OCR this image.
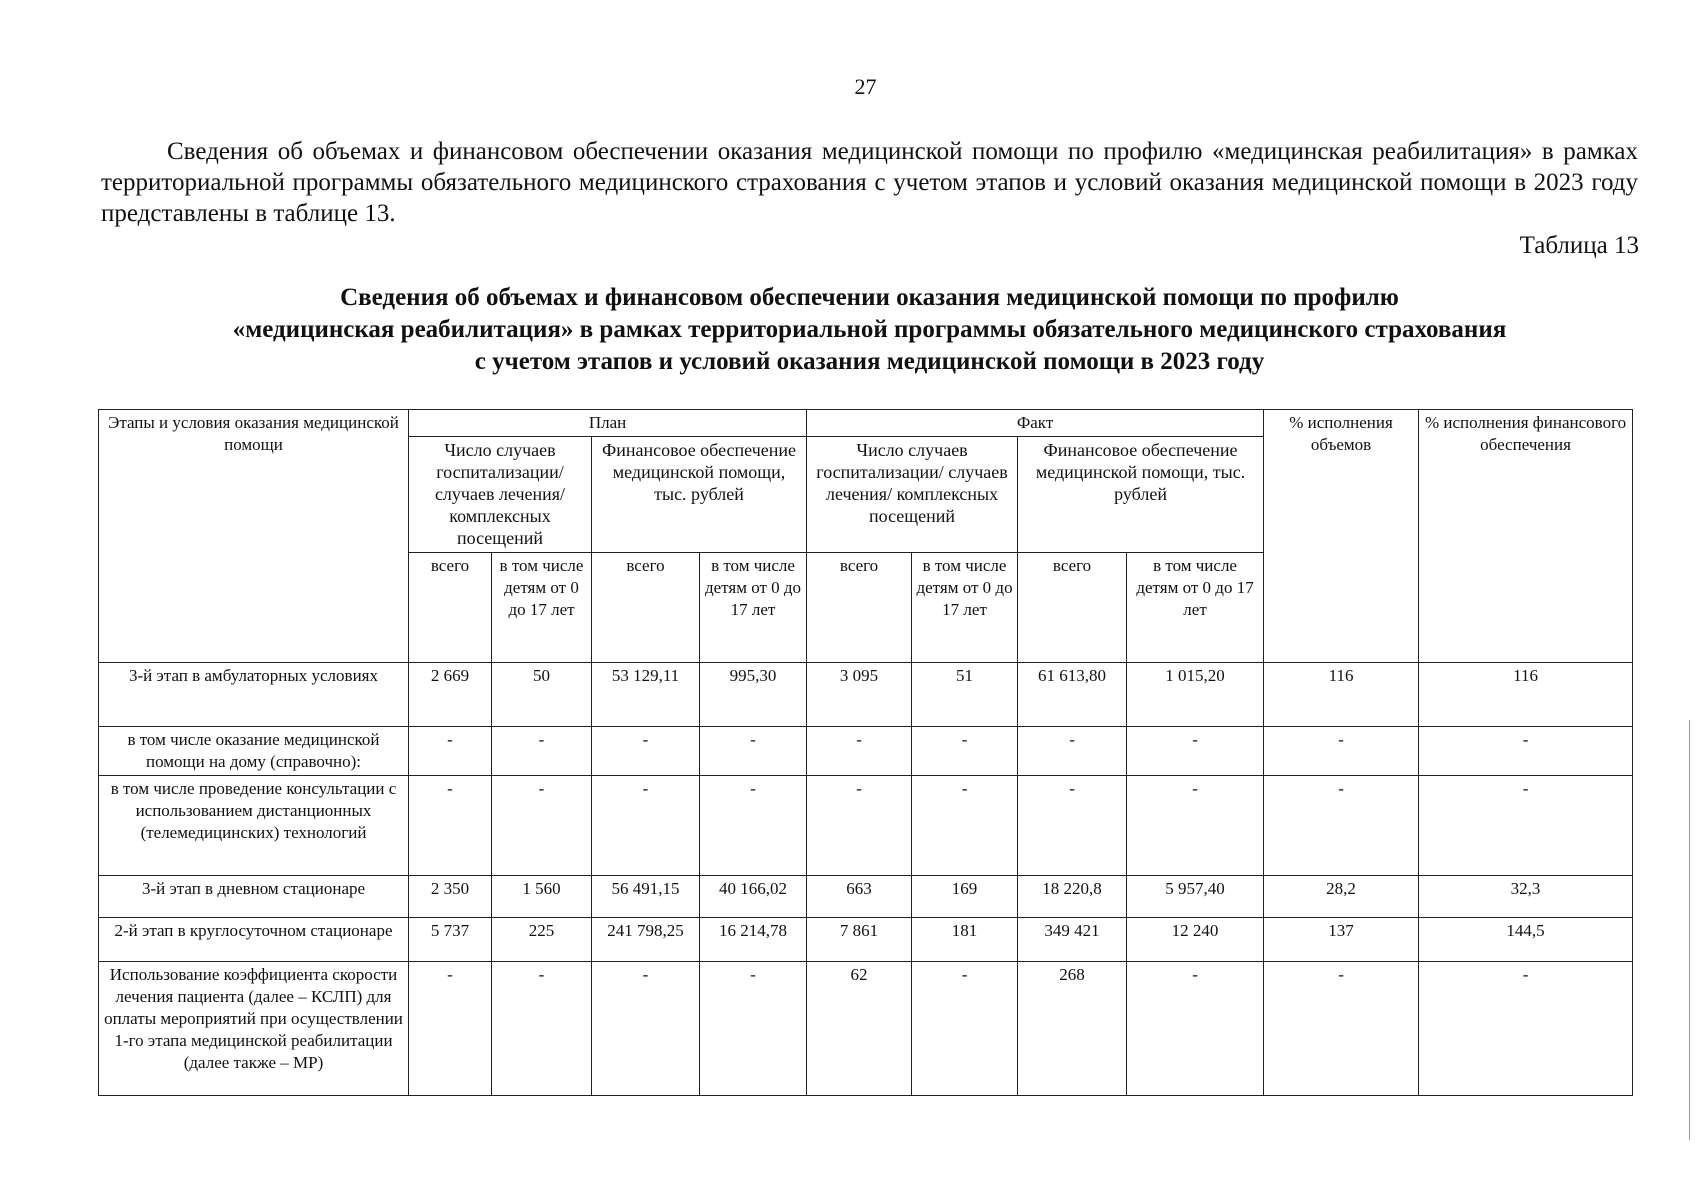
27

Сведения об объемах и финансовом обеспечении оказания медицинской помощи по профилю «медицинская реабилитация» в рамках территориальной программы обязательного медицинского страхования с учетом этапов и условий оказания медицинской помощи в 2023 году представлены в таблице 13.

Таблица 13
Сведения об объемах и финансовом обеспечении оказания медицинской помощи по профилю
«медицинская реабилитация» в рамках территориальной программы обязательного медицинского страхования
с учетом этапов и условий оказания медицинской помощи в 2023 году
Этапы и условия оказания медицинской помощи	План				Факт				% исполнения объемов	% исполнения финансового обеспечения
	Число случаев госпитализации/ случаев лечения/ комплексных посещений		Финансовое обеспечение медицинской помощи, тыс. рублей		Число случаев госпитализации/ случаев лечения/ комплексных посещений		Финансовое обеспечение медицинской помощи, тыс. рублей			
	всего	в том числе детям от 0 до 17 лет	всего	в том числе детям от 0 до 17 лет	всего	в том числе детям от 0 до 17 лет	всего	в том числе детям от 0 до 17 лет		
3-й этап в амбулаторных условиях	2 669	50	53 129,11	995,30	3 095	51	61 613,80	1 015,20	116	116
в том числе оказание медицинской помощи на дому (справочно):	-	-	-	-	-	-	-	-	-	-
в том числе проведение консультации с использованием дистанционных (телемедицинских) технологий	-	-	-	-	-	-	-	-	-	-
3-й этап в дневном стационаре	2 350	1 560	56 491,15	40 166,02	663	169	18 220,8	5 957,40	28,2	32,3
2-й этап в круглосуточном стационаре	5 737	225	241 798,25	16 214,78	7 861	181	349 421	12 240	137	144,5
Использование коэффициента скорости лечения пациента (далее – КСЛП) для оплаты мероприятий при осуществлении 1-го этапа медицинской реабилитации (далее также – МР)	-	-	-	-	62	-	268	-	-	-
